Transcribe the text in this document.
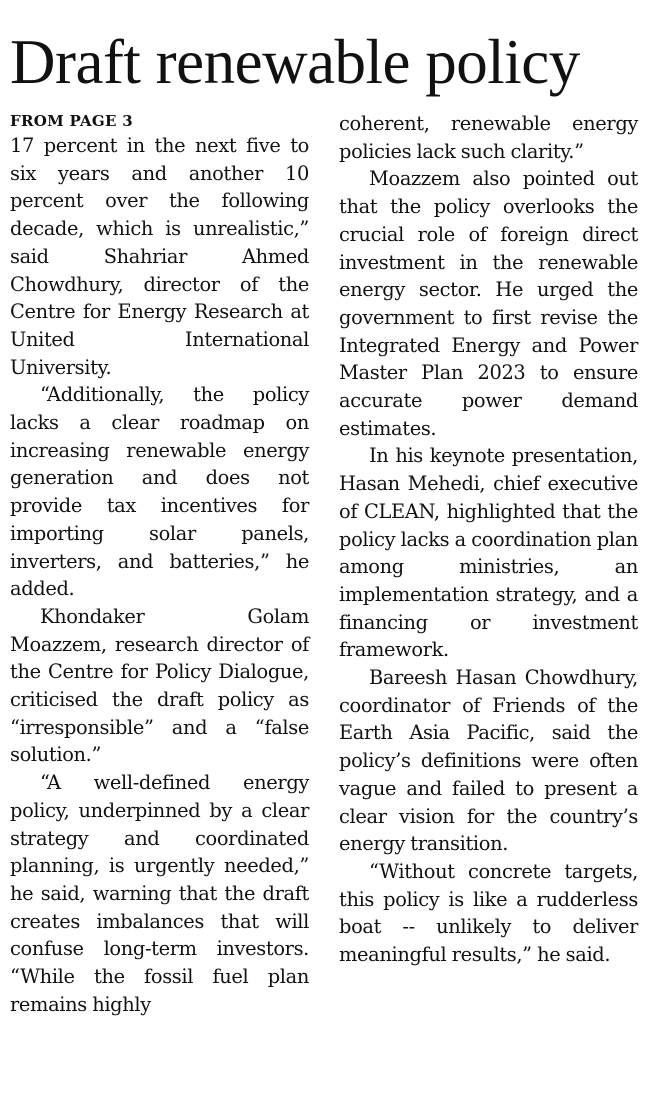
Draft renewable policy
FROM PAGE 3

17 percent in the next five to six years and another 10 percent over the following decade, which is unrealistic,” said Shahriar Ahmed Chowdhury, director of the Centre for Energy Research at United International University.

“Additionally, the policy lacks a clear roadmap on increasing renewable energy generation and does not provide tax incentives for importing solar panels, inverters, and batteries,” he added.

Khondaker Golam Moazzem, research director of the Centre for Policy Dialogue, criticised the draft policy as “irresponsible” and a “false solution.”

“A well-defined energy policy, underpinned by a clear strategy and coordinated planning, is urgently needed,” he said, warning that the draft creates imbalances that will confuse long-term investors. “While the fossil fuel plan remains highly

coherent, renewable energy policies lack such clarity.”

Moazzem also pointed out that the policy overlooks the crucial role of foreign direct investment in the renewable energy sector. He urged the government to first revise the Integrated Energy and Power Master Plan 2023 to ensure accurate power demand estimates.

In his keynote presentation, Hasan Mehedi, chief executive of CLEAN, highlighted that the policy lacks a coordination plan among ministries, an implementation strategy, and a financing or investment framework.

Bareesh Hasan Chowdhury, coordinator of Friends of the Earth Asia Pacific, said the policy’s definitions were often vague and failed to present a clear vision for the country’s energy transition.

“Without concrete targets, this policy is like a rudderless boat -- unlikely to deliver meaningful results,” he said.
